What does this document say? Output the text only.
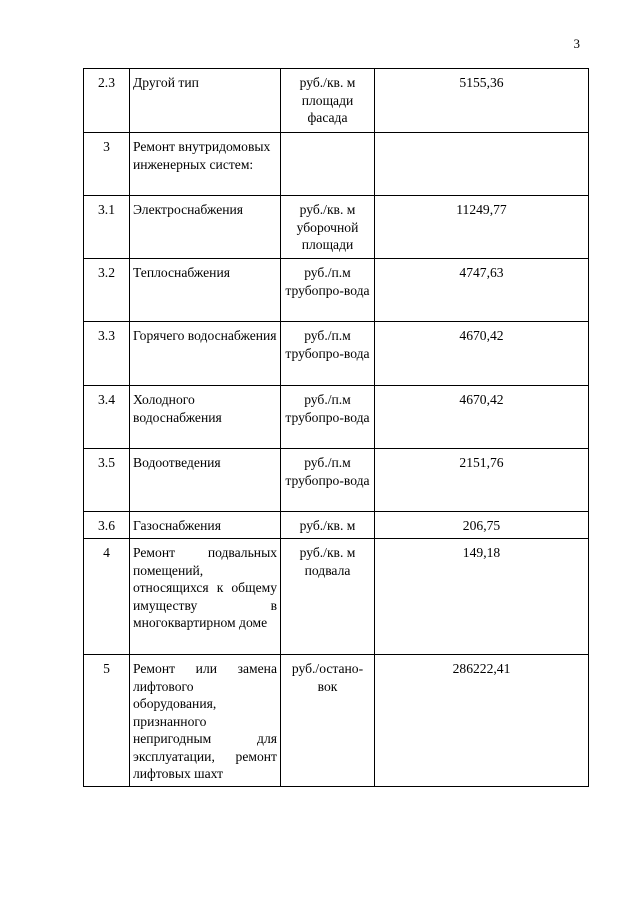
3
2.3	Другой тип	руб./кв. м площади фасада	5155,36
3	Ремонт внутридомовых инженерных систем:		
3.1	Электроснабжения	руб./кв. м уборочной площади	11249,77
3.2	Теплоснабжения	руб./п.м трубопро-вода	4747,63
3.3	Горячего водоснабжения	руб./п.м трубопро-вода	4670,42
3.4	Холодного водоснабжения	руб./п.м трубопро-вода	4670,42
3.5	Водоотведения	руб./п.м трубопро-вода	2151,76
3.6	Газоснабжения	руб./кв. м	206,75
4	Ремонт подвальных помещений, относящихся к общему имуществу в многоквартирном доме	руб./кв. м подвала	149,18
5	Ремонт или замена лифтового оборудования, признанного непригодным для эксплуатации, ремонт лифтовых шахт	руб./остано-вок	286222,41
